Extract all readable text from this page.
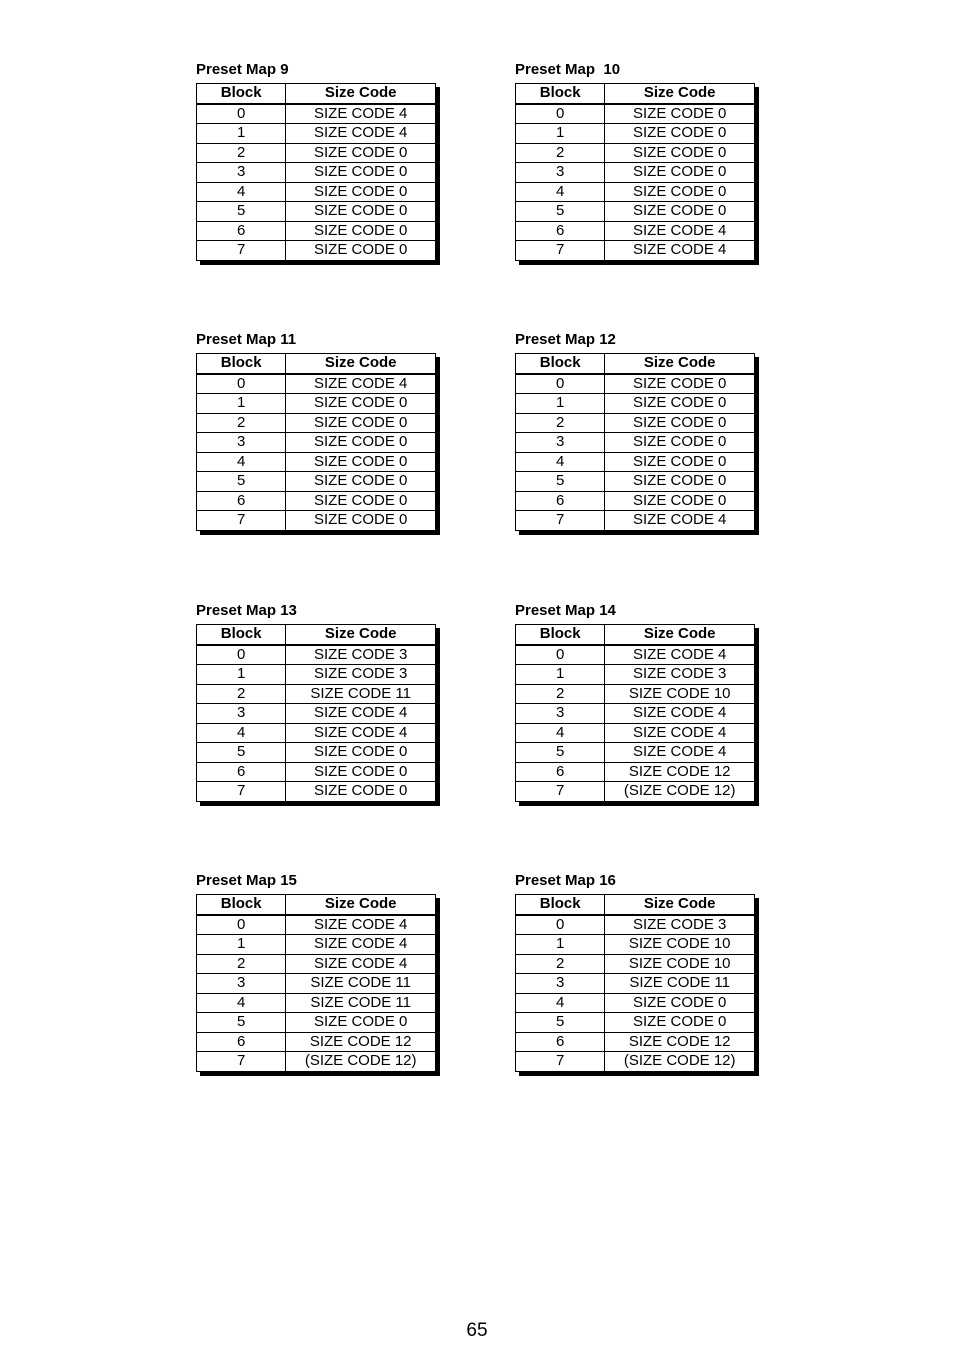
Preset Map 9
Block	Size Code
0	SIZE CODE 4
1	SIZE CODE 4
2	SIZE CODE 0
3	SIZE CODE 0
4	SIZE CODE 0
5	SIZE CODE 0
6	SIZE CODE 0
7	SIZE CODE 0
Preset Map  10
Block	Size Code
0	SIZE CODE 0
1	SIZE CODE 0
2	SIZE CODE 0
3	SIZE CODE 0
4	SIZE CODE 0
5	SIZE CODE 0
6	SIZE CODE 4
7	SIZE CODE 4
Preset Map 11
Block	Size Code
0	SIZE CODE 4
1	SIZE CODE 0
2	SIZE CODE 0
3	SIZE CODE 0
4	SIZE CODE 0
5	SIZE CODE 0
6	SIZE CODE 0
7	SIZE CODE 0
Preset Map 12
Block	Size Code
0	SIZE CODE 0
1	SIZE CODE 0
2	SIZE CODE 0
3	SIZE CODE 0
4	SIZE CODE 0
5	SIZE CODE 0
6	SIZE CODE 0
7	SIZE CODE 4
Preset Map 13
Block	Size Code
0	SIZE CODE 3
1	SIZE CODE 3
2	SIZE CODE 11
3	SIZE CODE 4
4	SIZE CODE 4
5	SIZE CODE 0
6	SIZE CODE 0
7	SIZE CODE 0
Preset Map 14
Block	Size Code
0	SIZE CODE 4
1	SIZE CODE 3
2	SIZE CODE 10
3	SIZE CODE 4
4	SIZE CODE 4
5	SIZE CODE 4
6	SIZE CODE 12
7	(SIZE CODE 12)
Preset Map 15
Block	Size Code
0	SIZE CODE 4
1	SIZE CODE 4
2	SIZE CODE 4
3	SIZE CODE 11
4	SIZE CODE 11
5	SIZE CODE 0
6	SIZE CODE 12
7	(SIZE CODE 12)
Preset Map 16
Block	Size Code
0	SIZE CODE 3
1	SIZE CODE 10
2	SIZE CODE 10
3	SIZE CODE 11
4	SIZE CODE 0
5	SIZE CODE 0
6	SIZE CODE 12
7	(SIZE CODE 12)
65
